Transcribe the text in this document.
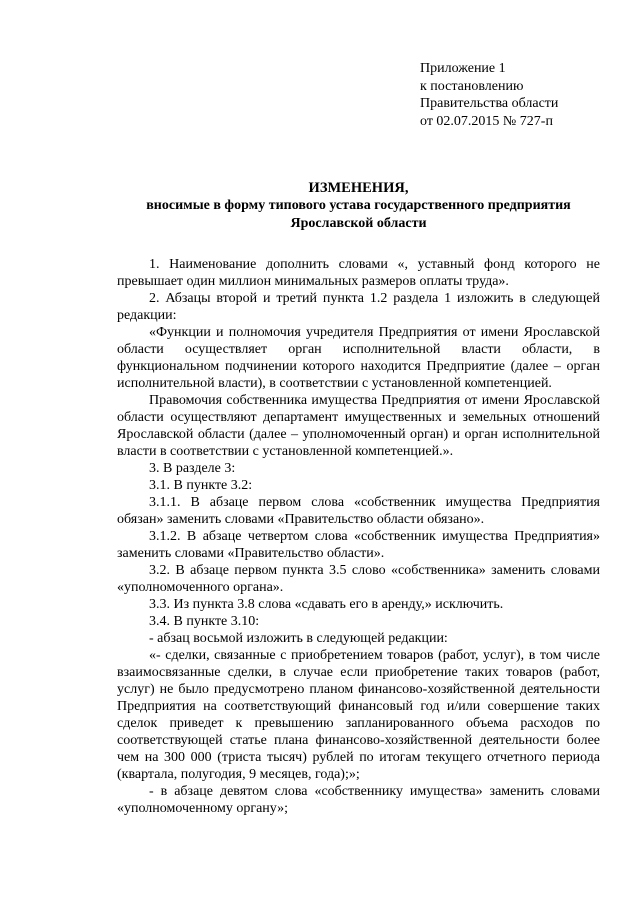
Приложение 1
к постановлению
Правительства области
от 02.07.2015 № 727-п
ИЗМЕНЕНИЯ,
вносимые в форму типового устава государственного предприятия
Ярославской области

1. Наименование дополнить словами «, уставный фонд которого не превышает один миллион минимальных размеров оплаты труда».

2. Абзацы второй и третий пункта 1.2 раздела 1 изложить в следующей редакции:

«Функции и полномочия учредителя Предприятия от имени Ярославской области осуществляет орган исполнительной власти области, в функциональном подчинении которого находится Предприятие (далее – орган исполнительной власти), в соответствии с установленной компетенцией.

Правомочия собственника имущества Предприятия от имени Ярославской области осуществляют департамент имущественных и земельных отношений Ярославской области (далее – уполномоченный орган) и орган исполнительной власти в соответствии с установленной компетенцией.».

3. В разделе 3:

3.1. В пункте 3.2:

3.1.1. В абзаце первом слова «собственник имущества Предприятия обязан» заменить словами «Правительство области обязано».

3.1.2. В абзаце четвертом слова «собственник имущества Предприятия» заменить словами «Правительство области».

3.2. В абзаце первом пункта 3.5 слово «собственника» заменить словами «уполномоченного органа».

3.3. Из пункта 3.8 слова «сдавать его в аренду,» исключить.

3.4. В пункте 3.10:

- абзац восьмой изложить в следующей редакции:

«- сделки, связанные с приобретением товаров (работ, услуг), в том числе взаимосвязанные сделки, в случае если приобретение таких товаров (работ, услуг) не было предусмотрено планом финансово-хозяйственной деятельности Предприятия на соответствующий финансовый год и/или совершение таких сделок приведет к превышению запланированного объема расходов по соответствующей статье плана финансово-хозяйственной деятельности более чем на 300 000 (триста тысяч) рублей по итогам текущего отчетного периода (квартала, полугодия, 9 месяцев, года);»;

- в абзаце девятом слова «собственнику имущества» заменить словами «уполномоченному органу»;
